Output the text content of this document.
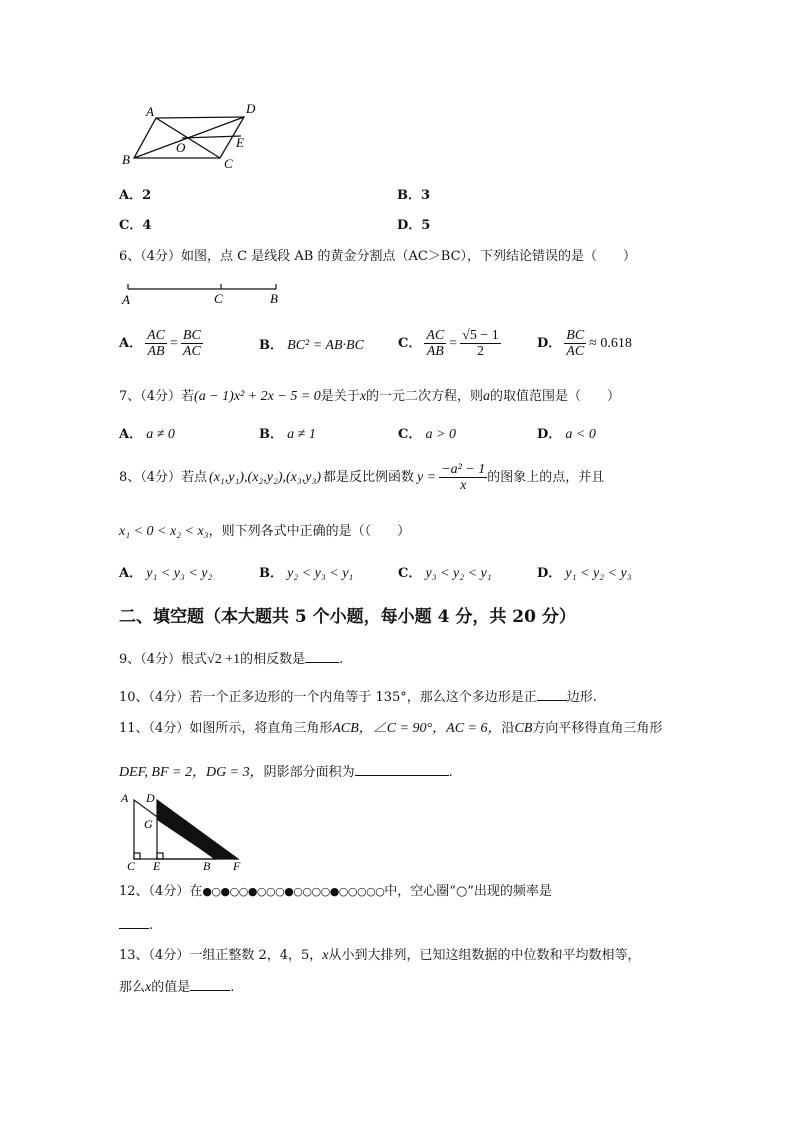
A	D
E
O
B	C
A．2	B．3
C．4	D．5
6、（4分）如图，点 C 是线段 AB 的黄金分割点（AC＞BC），下列结论错误的是（　　）
A	C	B
A． $\frac{AC}{AB} = \frac{BC}{AC}$	B． BC² = AB·BC	C． $\frac{AC}{AB} = \frac{√5 - 1}{2}$	D． $\frac{BC}{AC} \approx 0.618$
7、（4分）若(a − 1)x² + 2x − 5 = 0是关于x的一元二次方程，则a的取值范围是（　　）
A． a ≠ 0	B． a ≠ 1	C． a > 0	D． a < 0
8、（4分）若点 (x₁,y₁),(x₂,y₂),(x₃,y₃) 都是反比例函数 $y = \frac{\text{−a² − 1}}{x}$ 的图象上的点，并且
x₁ < 0 < x₂ < x₃，则下列各式中正确的是（（　　）
A． y₁ < y₃ < y₂	B． y₂ < y₃ < y₁	C． y₃ < y₂ < y₁	D． y₁ < y₂ < y₃
二、填空题（本大题共 5 个小题，每小题 4 分，共 20 分）
9、（4分）根式√2 +1的相反数是	.
10、（4分）若一个正多边形的一个内角等于 135°，那么这个多边形是正 边形.
11、（4分）如图所示，将直角三角形ACB，∠C = 90°，AC = 6，沿CB方向平移得直角三角形
DEF, BF = 2，DG = 3，阴影部分面积为	.
A D
G
C E	B F
12、（4分）在●○●○○●○○○●○○○○●○○○○○中，空心圈“○”出现的频率是
.
13、（4分）一组正整数 2，4，5，x从小到大排列，已知这组数据的中位数和平均数相等，
那么x的值是	.
